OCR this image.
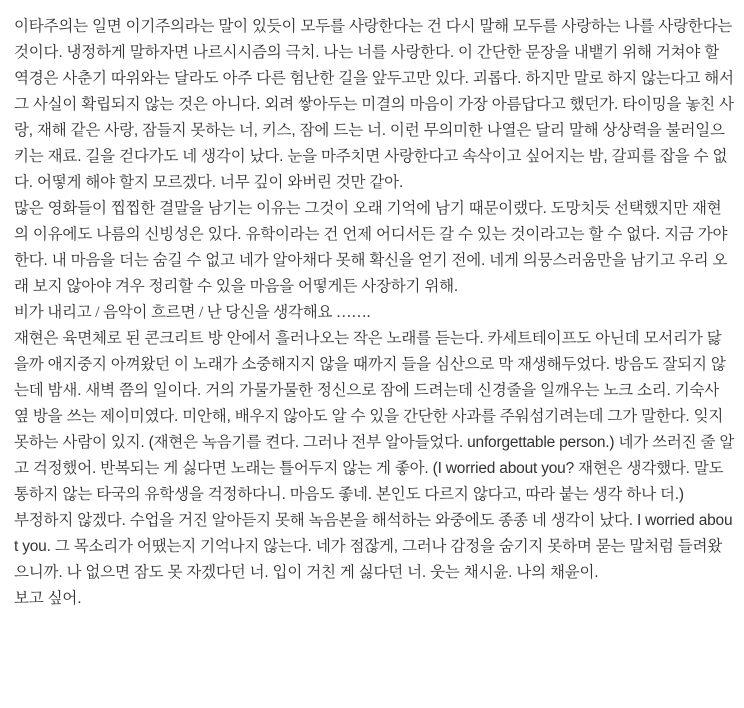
이타주의는 일면 이기주의라는 말이 있듯이 모두를 사랑한다는 건 다시 말해 모두를 사랑하는 나를 사랑한다는 것이다. 냉정하게 말하자면 나르시시즘의 극치. 나는 너를 사랑한다. 이 간단한 문장을 내뱉기 위해 거쳐야 할 역경은 사춘기 따위와는 달라도 아주 다른 험난한 길을 앞두고만 있다. 괴롭다. 하지만 말로 하지 않는다고 해서 그 사실이 확립되지 않는 것은 아니다. 외려 쌓아두는 미결의 마음이 가장 아름답다고 했던가. 타이밍을 놓친 사랑, 재해 같은 사랑, 잠들지 못하는 너, 키스, 잠에 드는 너. 이런 무의미한 나열은 달리 말해 상상력을 불러일으키는 재료. 길을 걷다가도 네 생각이 났다. 눈을 마주치면 사랑한다고 속삭이고 싶어지는 밤, 갈피를 잡을 수 없다. 어떻게 해야 할지 모르겠다. 너무 깊이 와버린 것만 같아.

많은 영화들이 찝찝한 결말을 남기는 이유는 그것이 오래 기억에 남기 때문이랬다. 도망치듯 선택했지만 재현의 이유에도 나름의 신빙성은 있다. 유학이라는 건 언제 어디서든 갈 수 있는 것이라고는 할 수 없다. 지금 가야 한다. 내 마음을 더는 숨길 수 없고 네가 알아채다 못해 확신을 얻기 전에. 네게 의뭉스러움만을 남기고 우리 오래 보지 않아야 겨우 정리할 수 있을 마음을 어떻게든 사장하기 위해.

비가 내리고 / 음악이 흐르면 / 난 당신을 생각해요 …….

재현은 육면체로 된 콘크리트 방 안에서 흘러나오는 작은 노래를 듣는다. 카세트테이프도 아닌데 모서리가 닳을까 애지중지 아껴왔던 이 노래가 소중해지지 않을 때까지 들을 심산으로 막 재생해두었다. 방음도 잘되지 않는데 밤새. 새벽 쯤의 일이다. 거의 가물가물한 정신으로 잠에 드려는데 신경줄을 일깨우는 노크 소리. 기숙사 옆 방을 쓰는 제이미였다. 미안해, 배우지 않아도 알 수 있을 간단한 사과를 주워섬기려는데 그가 말한다. 잊지 못하는 사람이 있지. (재현은 녹음기를 켠다. 그러나 전부 알아들었다. unforgettable person.) 네가 쓰러진 줄 알고 걱정했어. 반복되는 게 싫다면 노래는 틀어두지 않는 게 좋아. (I worried about you? 재현은 생각했다. 말도 통하지 않는 타국의 유학생을 걱정하다니. 마음도 좋네. 본인도 다르지 않다고, 따라 붙는 생각 하나 더.)

부정하지 않겠다. 수업을 거진 알아듣지 못해 녹음본을 해석하는 와중에도 종종 네 생각이 났다. I worried about you. 그 목소리가 어땠는지 기억나지 않는다. 네가 점잖게, 그러나 감정을 숨기지 못하며 묻는 말처럼 들려왔으니까. 나 없으면 잠도 못 자겠다던 너. 입이 거친 게 싫다던 너. 웃는 채시윤. 나의 채윤이.

보고 싶어.
